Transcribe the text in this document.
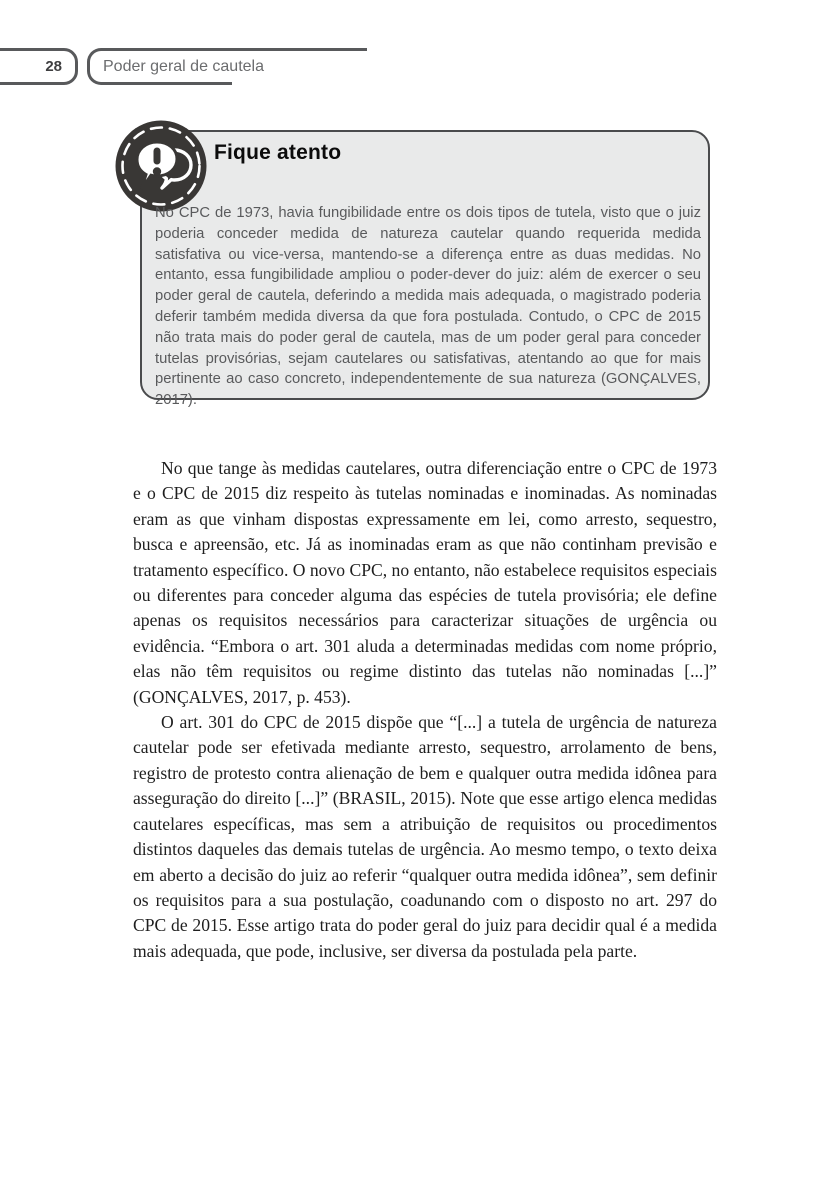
28	Poder geral de cautela
Fique atento
No CPC de 1973, havia fungibilidade entre os dois tipos de tutela, visto que o juiz poderia conceder medida de natureza cautelar quando requerida medida satisfativa ou vice-versa, mantendo-se a diferença entre as duas medidas. No entanto, essa fungibilidade ampliou o poder-dever do juiz: além de exercer o seu poder geral de cautela, deferindo a medida mais adequada, o magistrado poderia deferir também medida diversa da que fora postulada. Contudo, o CPC de 2015 não trata mais do poder geral de cautela, mas de um poder geral para conceder tutelas provisórias, sejam cautelares ou satisfativas, atentando ao que for mais pertinente ao caso concreto, independentemente de sua natureza (GONÇALVES, 2017).

No que tange às medidas cautelares, outra diferenciação entre o CPC de 1973 e o CPC de 2015 diz respeito às tutelas nominadas e inominadas. As nominadas eram as que vinham dispostas expressamente em lei, como arresto, sequestro, busca e apreensão, etc. Já as inominadas eram as que não continham previsão e tratamento específico. O novo CPC, no entanto, não estabelece requisitos especiais ou diferentes para conceder alguma das espécies de tutela provisória; ele define apenas os requisitos necessários para caracterizar situações de urgência ou evidência. “Embora o art. 301 aluda a determinadas medidas com nome próprio, elas não têm requisitos ou regime distinto das tutelas não nominadas [...]” (GONÇALVES, 2017, p. 453).

O art. 301 do CPC de 2015 dispõe que “[...] a tutela de urgência de natureza cautelar pode ser efetivada mediante arresto, sequestro, arrolamento de bens, registro de protesto contra alienação de bem e qualquer outra medida idônea para asseguração do direito [...]” (BRASIL, 2015). Note que esse artigo elenca medidas cautelares específicas, mas sem a atribuição de requisitos ou procedimentos distintos daqueles das demais tutelas de urgência. Ao mesmo tempo, o texto deixa em aberto a decisão do juiz ao referir “qualquer outra medida idônea”, sem definir os requisitos para a sua postulação, coadunando com o disposto no art. 297 do CPC de 2015. Esse artigo trata do poder geral do juiz para decidir qual é a medida mais adequada, que pode, inclusive, ser diversa da postulada pela parte.
